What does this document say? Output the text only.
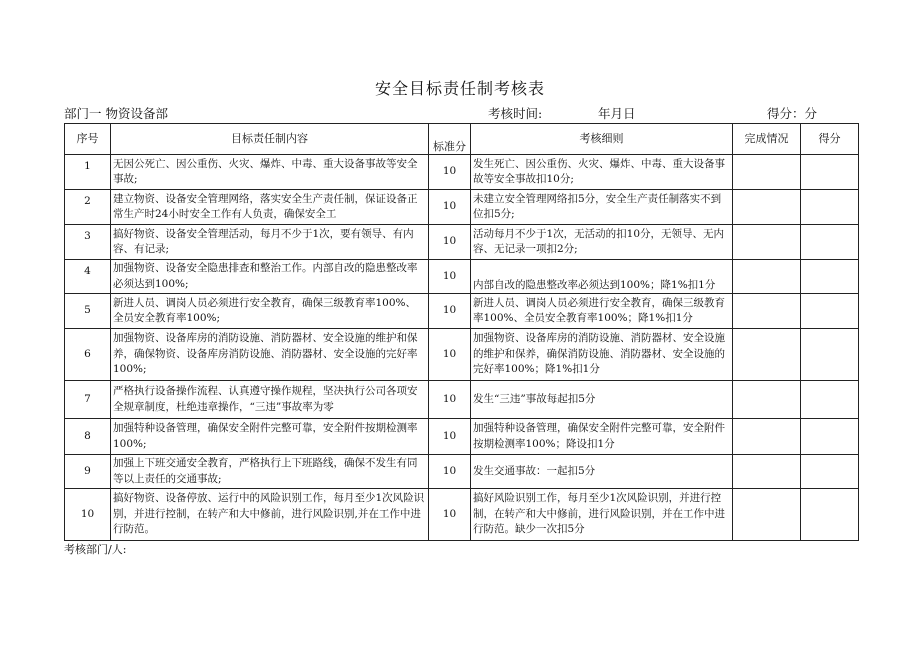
安全目标责任制考核表
部门一 物资设备部	考核时间:	年月日	得分：分
序号	目标责任制内容	标准分	考核细则	完成情况	得分
1	无因公死亡、因公重伤、火灾、爆炸、中毒、重大设备事故等安全事故;	10	发生死亡、因公重伤、火灾、爆炸、中毒、重大设备事故等安全事故扣10分;		
2	建立物资、设备安全管理网络，落实安全生产责任制，保证设备正常生产时24小时安全工作有人负责，确保安全工	10	未建立安全管理网络扣5分，安全生产责任制落实不到位扣5分;		
3	搞好物资、设备安全管理活动，每月不少于1次，要有领导、有内容、有记录;	10	活动每月不少于1次，无活动的扣10分，无领导、无内容、无记录一项扣2分;		
4	加强物资、设备安全隐患排查和整治工作。内部自改的隐患整改率必须达到100%;	10	内部自改的隐患整改率必须达到100%；降1%扣1分		
5	新进人员、调岗人员必须进行安全教育，确保三级教育率100%、全员安全教育率100%;	10	新进人员、调岗人员必须进行安全教育，确保三级教育率100%、全员安全教育率100%；降1%扣1分		
6	加强物资、设备库房的消防设施、消防器材、安全设施的维护和保养，确保物资、设备库房消防设施、消防器材、安全设施的完好率100%;	10	加强物资、设备库房的消防设施、消防器材、安全设施的维护和保养，确保消防设施、消防器材、安全设施的完好率100%；降1%扣1分		
7	严格执行设备操作流程、认真遵守操作规程，坚决执行公司各项安全规章制度，杜绝违章操作，“三违”事故率为零	10	发生“三违”事故每起扣5分		
8	加强特种设备管理，确保安全附件完整可靠，安全附件按期检测率100%;	10	加强特种设备管理，确保安全附件完整可靠，安全附件按期检测率100%；降设扣1分		
9	加强上下班交通安全教育，严格执行上下班路线，确保不发生有同等以上责任的交通事故;	10	发生交通事故：一起扣5分		
10	搞好物资、设备停放、运行中的风险识别工作，每月至少1次风险识别，并进行控制，在转产和大中修前，进行风险识别,并在工作中进行防范。	10	搞好风险识别工作，每月至少1次风险识别，并进行控制，在转产和大中修前，进行风险识别，并在工作中进行防范。缺少一次扣5分		
考核部门/人:
